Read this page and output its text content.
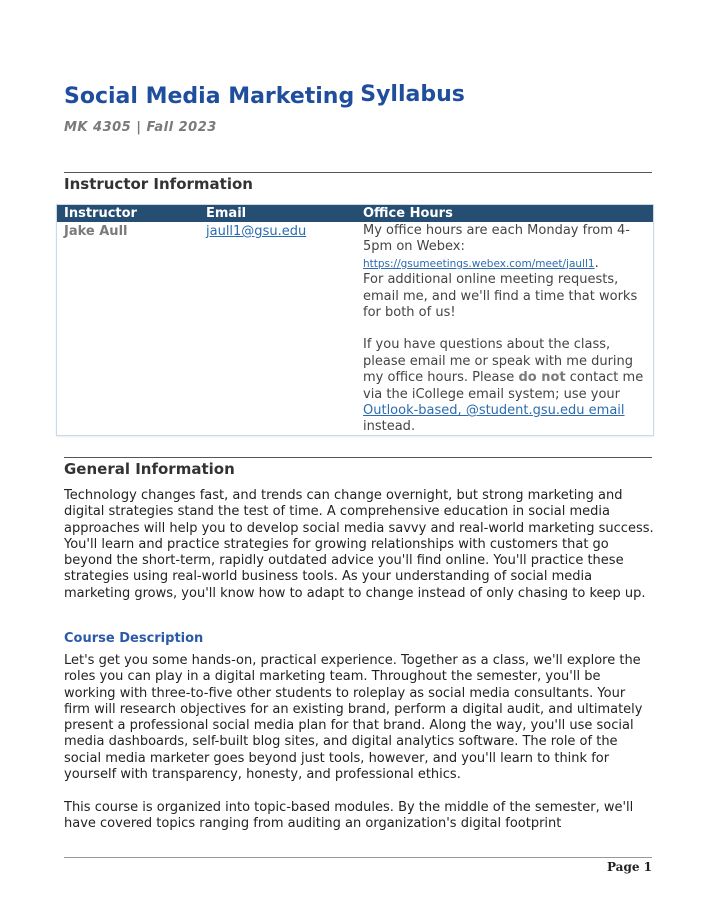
Social Media Marketing Syllabus
MK 4305 | Fall 2023
Instructor Information
Instructor	Email	Office Hours
Jake Aull	jaull1@gsu.edu	My office hours are each Monday from 4-5pm on Webex:
https://gsumeetings.webex.com/meet/jaull1.
For additional online meeting requests, email me, and we'll find a time that works for both of us!

If you have questions about the class, please email me or speak with me during my office hours. Please do not contact me via the iCollege email system; use your Outlook-based, @student.gsu.edu email instead.

General Information

Technology changes fast, and trends can change overnight, but strong marketing and digital strategies stand the test of time. A comprehensive education in social media approaches will help you to develop social media savvy and real-world marketing success. You'll learn and practice strategies for growing relationships with customers that go beyond the short-term, rapidly outdated advice you'll find online. You'll practice these strategies using real-world business tools. As your understanding of social media marketing grows, you'll know how to adapt to change instead of only chasing to keep up.

Course Description

Let's get you some hands-on, practical experience. Together as a class, we'll explore the roles you can play in a digital marketing team. Throughout the semester, you'll be working with three-to-five other students to roleplay as social media consultants. Your firm will research objectives for an existing brand, perform a digital audit, and ultimately present a professional social media plan for that brand. Along the way, you'll use social media dashboards, self-built blog sites, and digital analytics software. The role of the social media marketer goes beyond just tools, however, and you'll learn to think for yourself with transparency, honesty, and professional ethics.

This course is organized into topic-based modules. By the middle of the semester, we'll have covered topics ranging from auditing an organization's digital footprint

Page 1
